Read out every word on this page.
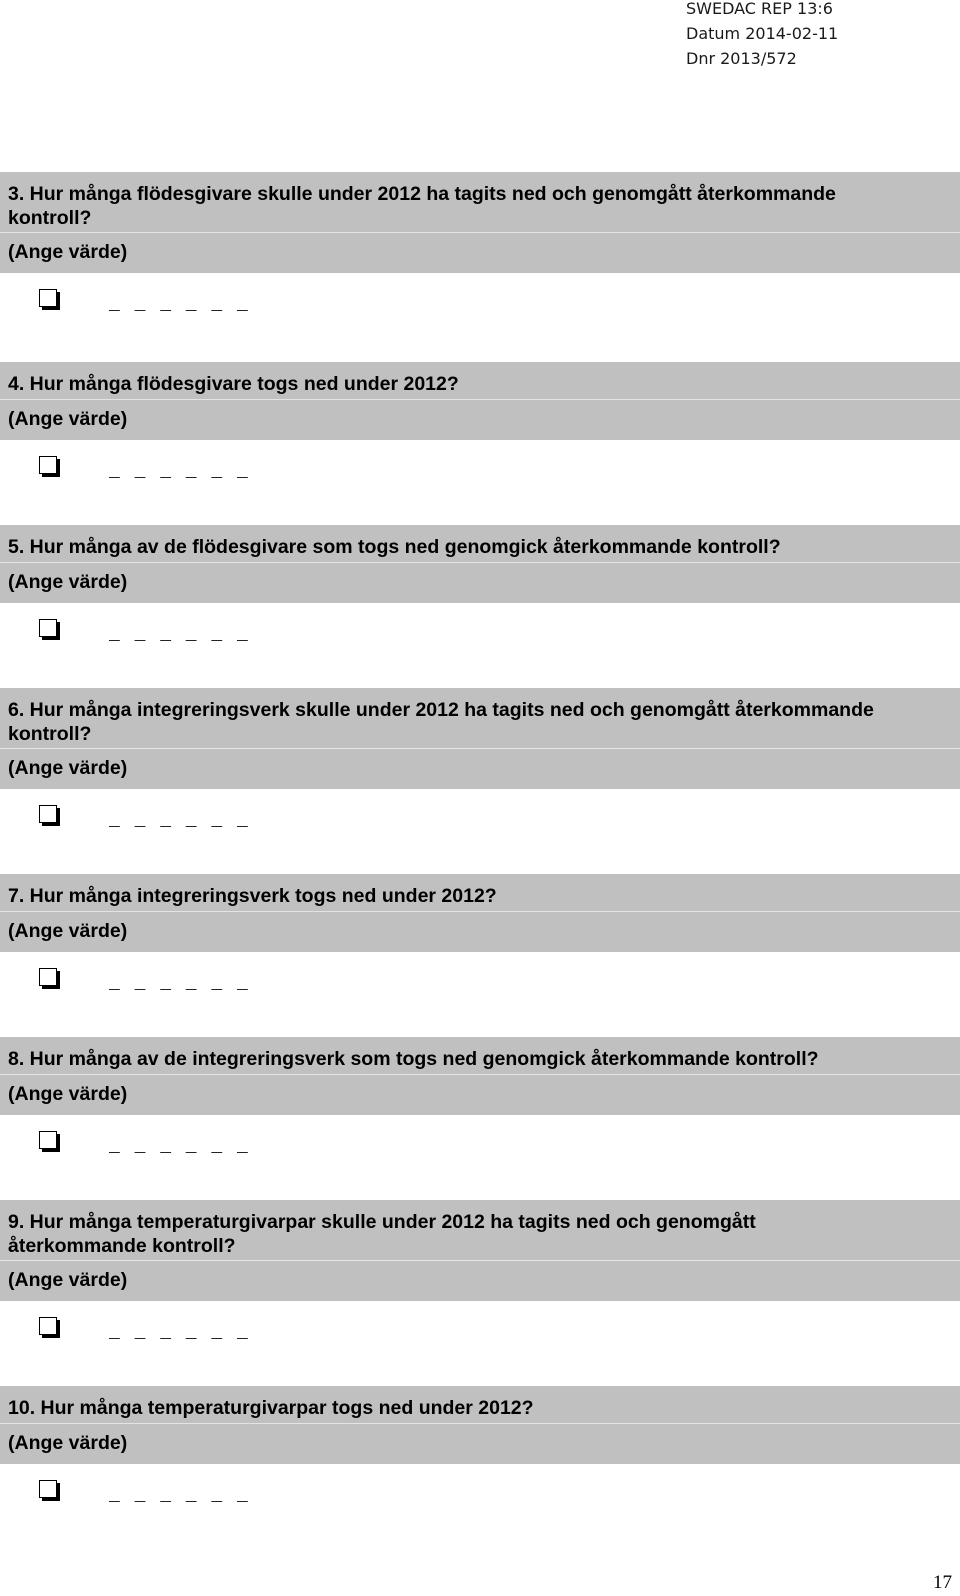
SWEDAC REP 13:6
Datum 2014-02-11
Dnr 2013/572
3. Hur många flödesgivare skulle under 2012 ha tagits ned och genomgått återkommande kontroll?
(Ange värde)
_ _ _ _ _ _
4. Hur många flödesgivare togs ned under 2012?
(Ange värde)
_ _ _ _ _ _
5. Hur många av de flödesgivare som togs ned genomgick återkommande kontroll?
(Ange värde)
_ _ _ _ _ _
6. Hur många integreringsverk skulle under 2012 ha tagits ned och genomgått återkommande kontroll?
(Ange värde)
_ _ _ _ _ _
7. Hur många integreringsverk togs ned under 2012?
(Ange värde)
_ _ _ _ _ _
8. Hur många av de integreringsverk som togs ned genomgick återkommande kontroll?
(Ange värde)
_ _ _ _ _ _
9. Hur många temperaturgivarpar skulle under 2012 ha tagits ned och genomgått återkommande kontroll?
(Ange värde)
_ _ _ _ _ _
10. Hur många temperaturgivarpar togs ned under 2012?
(Ange värde)
_ _ _ _ _ _
17
